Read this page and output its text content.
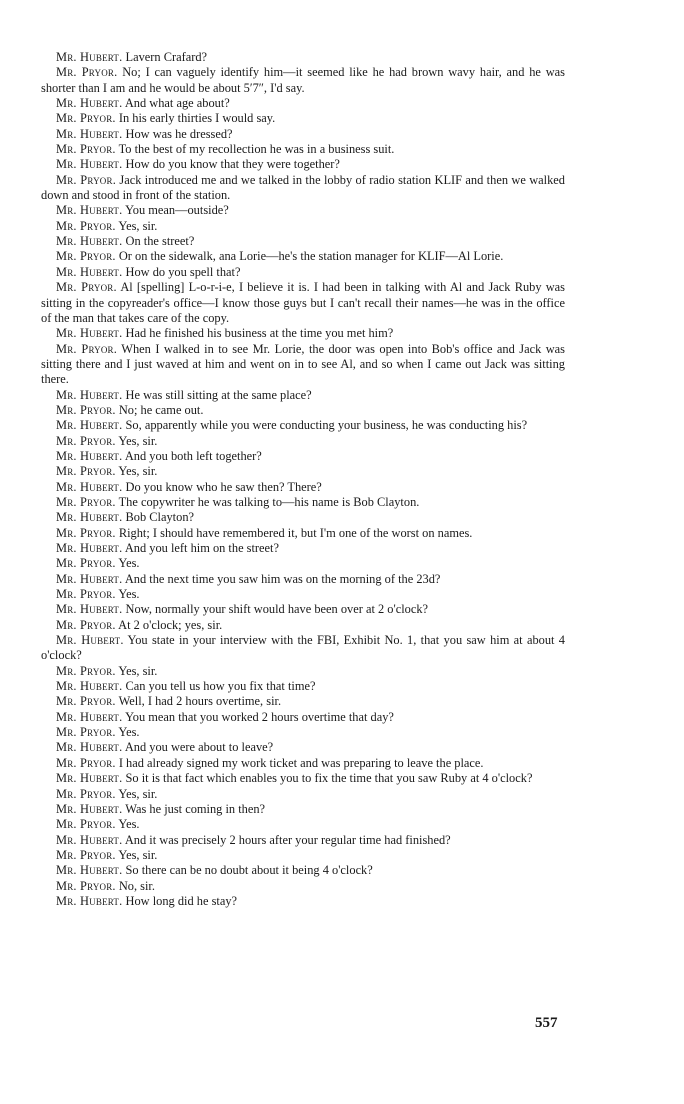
Mr. Hubert. Lavern Crafard?

Mr. Pryor. No; I can vaguely identify him—it seemed like he had brown wavy hair, and he was shorter than I am and he would be about 5′7″, I'd say.

Mr. Hubert. And what age about?

Mr. Pryor. In his early thirties I would say.

Mr. Hubert. How was he dressed?

Mr. Pryor. To the best of my recollection he was in a business suit.

Mr. Hubert. How do you know that they were together?

Mr. Pryor. Jack introduced me and we talked in the lobby of radio station KLIF and then we walked down and stood in front of the station.

Mr. Hubert. You mean—outside?

Mr. Pryor. Yes, sir.

Mr. Hubert. On the street?

Mr. Pryor. Or on the sidewalk, ana Lorie—he's the station manager for KLIF—Al Lorie.

Mr. Hubert. How do you spell that?

Mr. Pryor. Al [spelling] L-o-r-i-e, I believe it is. I had been in talking with Al and Jack Ruby was sitting in the copyreader's office—I know those guys but I can't recall their names—he was in the office of the man that takes care of the copy.

Mr. Hubert. Had he finished his business at the time you met him?

Mr. Pryor. When I walked in to see Mr. Lorie, the door was open into Bob's office and Jack was sitting there and I just waved at him and went on in to see Al, and so when I came out Jack was sitting there.

Mr. Hubert. He was still sitting at the same place?

Mr. Pryor. No; he came out.

Mr. Hubert. So, apparently while you were conducting your business, he was conducting his?

Mr. Pryor. Yes, sir.

Mr. Hubert. And you both left together?

Mr. Pryor. Yes, sir.

Mr. Hubert. Do you know who he saw then? There?

Mr. Pryor. The copywriter he was talking to—his name is Bob Clayton.

Mr. Hubert. Bob Clayton?

Mr. Pryor. Right; I should have remembered it, but I'm one of the worst on names.

Mr. Hubert. And you left him on the street?

Mr. Pryor. Yes.

Mr. Hubert. And the next time you saw him was on the morning of the 23d?

Mr. Pryor. Yes.

Mr. Hubert. Now, normally your shift would have been over at 2 o'clock?

Mr. Pryor. At 2 o'clock; yes, sir.

Mr. Hubert. You state in your interview with the FBI, Exhibit No. 1, that you saw him at about 4 o'clock?

Mr. Pryor. Yes, sir.

Mr. Hubert. Can you tell us how you fix that time?

Mr. Pryor. Well, I had 2 hours overtime, sir.

Mr. Hubert. You mean that you worked 2 hours overtime that day?

Mr. Pryor. Yes.

Mr. Hubert. And you were about to leave?

Mr. Pryor. I had already signed my work ticket and was preparing to leave the place.

Mr. Hubert. So it is that fact which enables you to fix the time that you saw Ruby at 4 o'clock?

Mr. Pryor. Yes, sir.

Mr. Hubert. Was he just coming in then?

Mr. Pryor. Yes.

Mr. Hubert. And it was precisely 2 hours after your regular time had finished?

Mr. Pryor. Yes, sir.

Mr. Hubert. So there can be no doubt about it being 4 o'clock?

Mr. Pryor. No, sir.

Mr. Hubert. How long did he stay?

557
